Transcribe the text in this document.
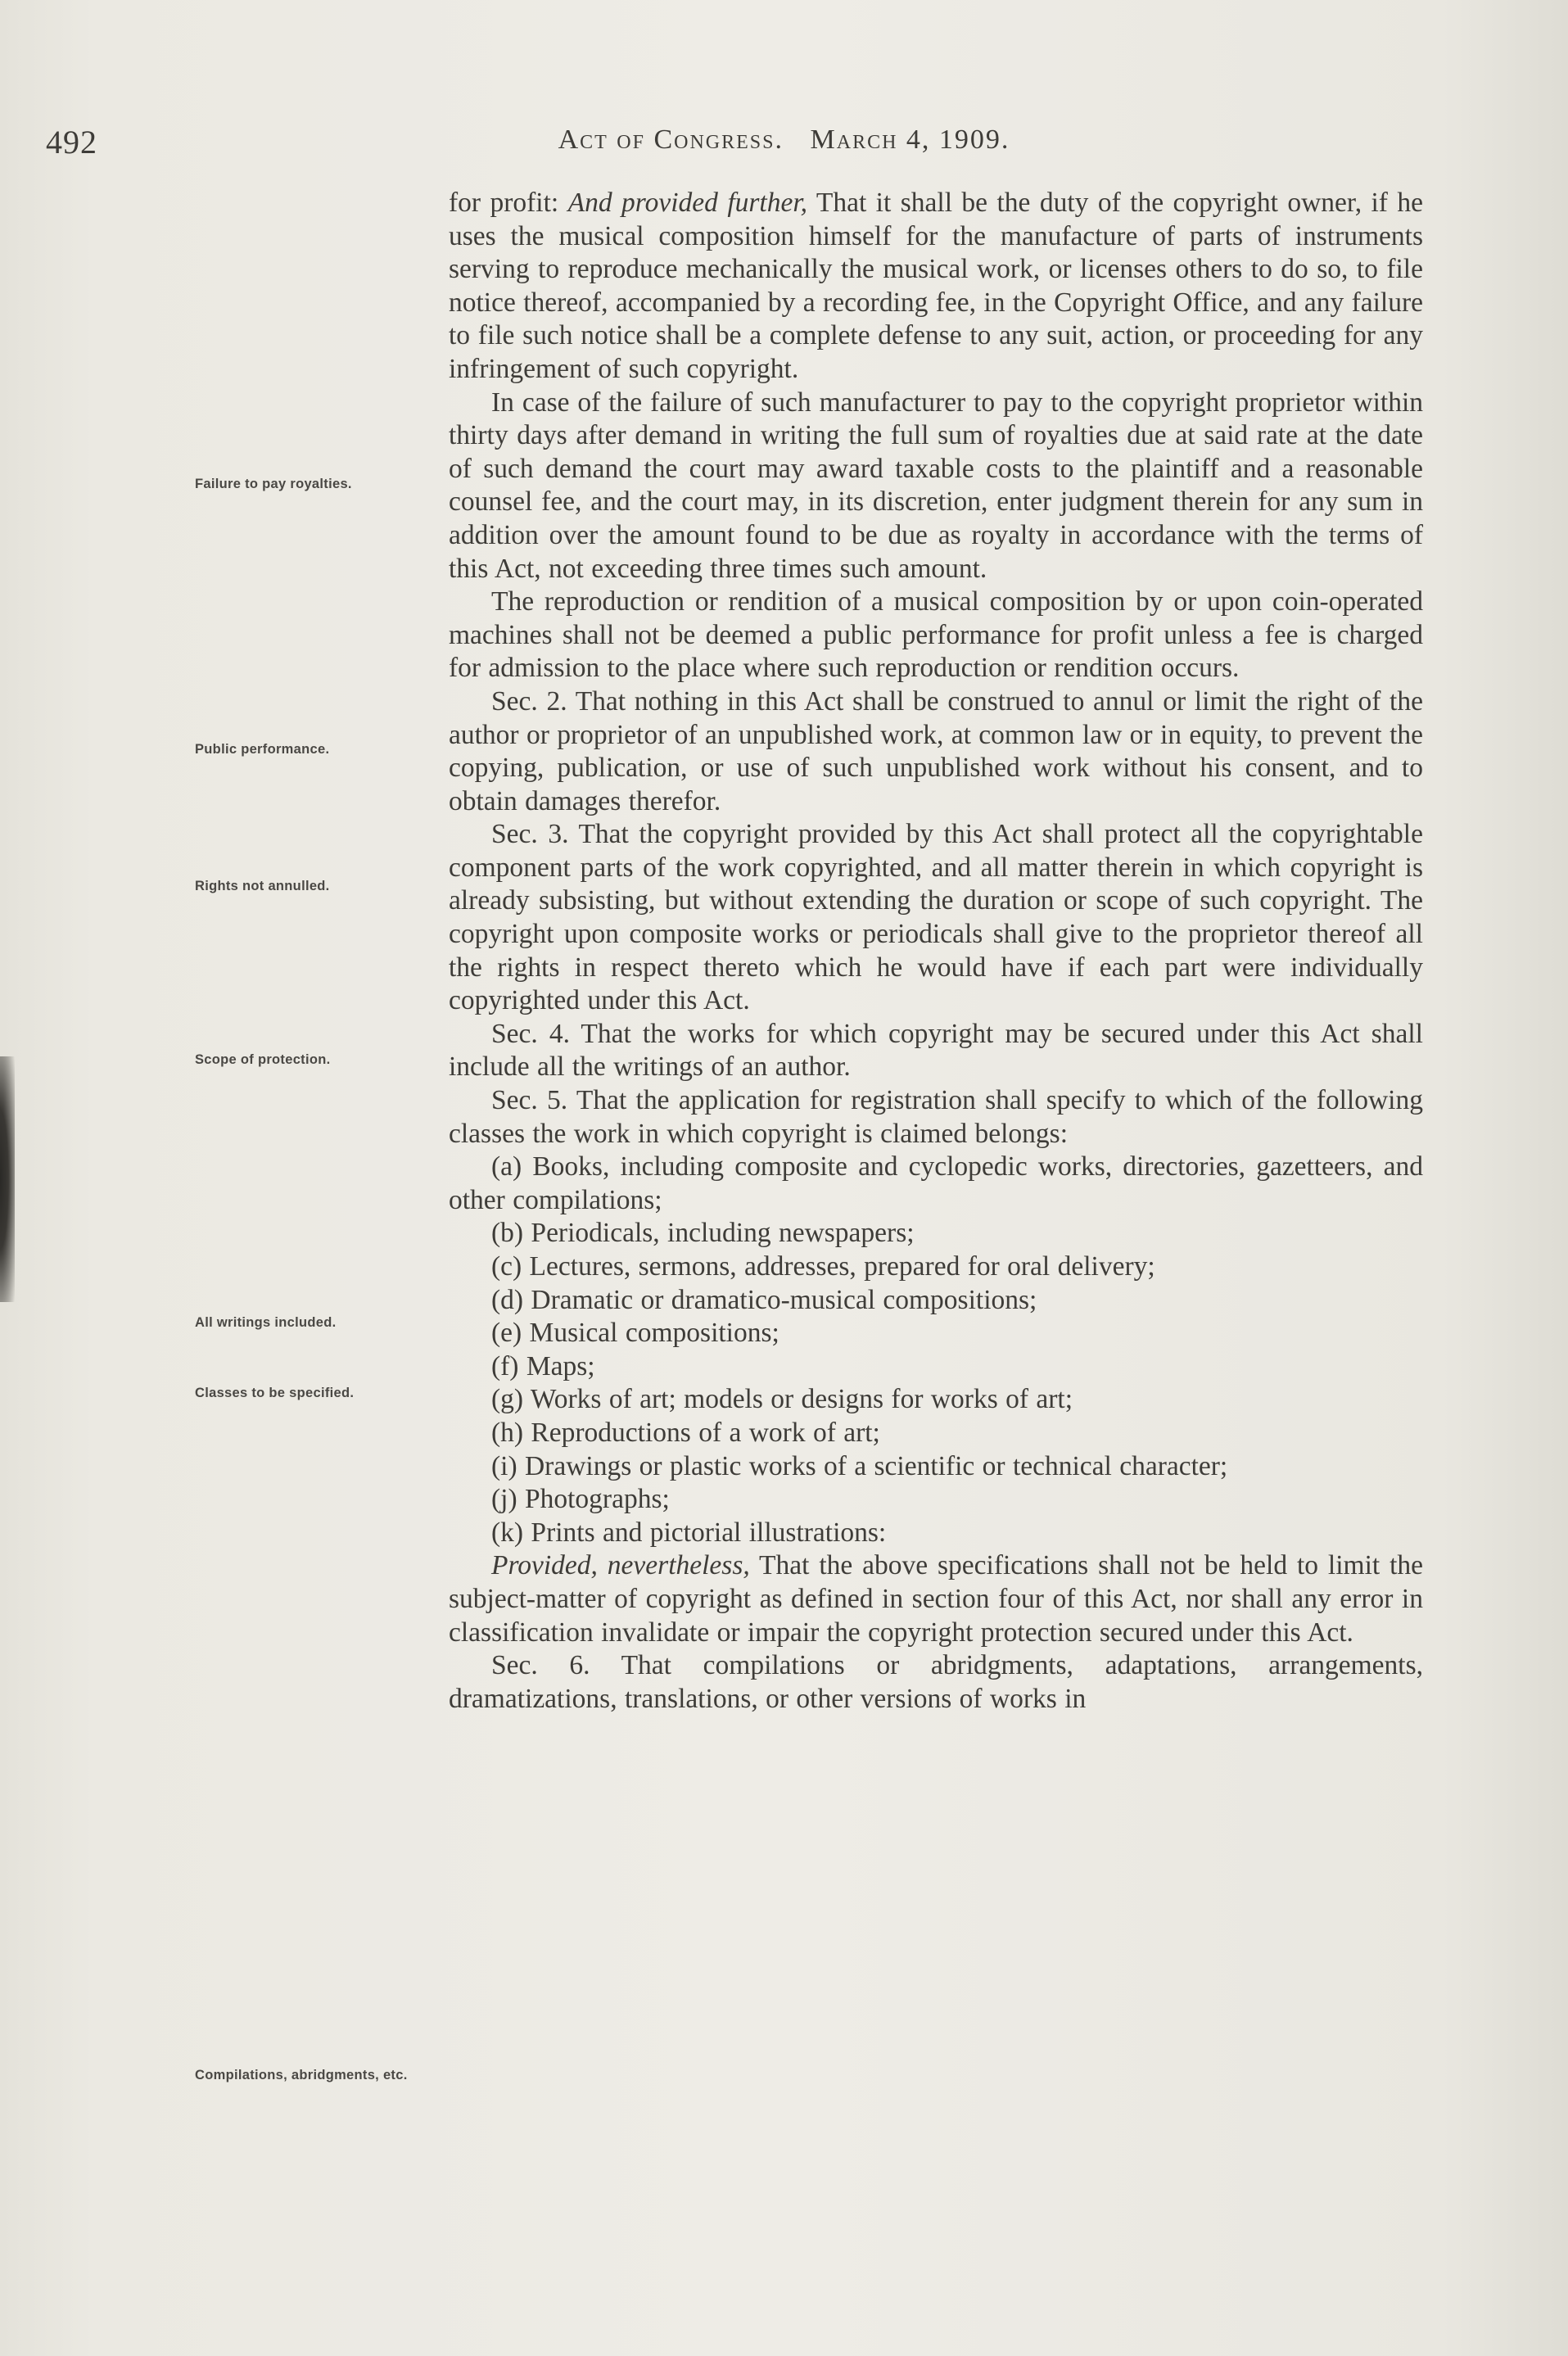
492	Act of Congress. March 4, 1909.
Failure to pay royalties.
Public performance.
Rights not annulled.
Scope of protection.
All writings included.
Classes to be specified.
Compilations, abridgments, etc.

for profit: And provided further, That it shall be the duty of the copyright owner, if he uses the musical composition himself for the manufacture of parts of instruments serving to reproduce mechanically the musical work, or licenses others to do so, to file notice thereof, accompanied by a recording fee, in the Copyright Office, and any failure to file such notice shall be a complete defense to any suit, action, or proceeding for any infringement of such copyright.

In case of the failure of such manufacturer to pay to the copyright proprietor within thirty days after demand in writing the full sum of royalties due at said rate at the date of such demand the court may award taxable costs to the plaintiff and a reasonable counsel fee, and the court may, in its discretion, enter judgment therein for any sum in addition over the amount found to be due as royalty in accordance with the terms of this Act, not exceeding three times such amount.

The reproduction or rendition of a musical composition by or upon coin-operated machines shall not be deemed a public performance for profit unless a fee is charged for admission to the place where such reproduction or rendition occurs.

Sec. 2. That nothing in this Act shall be construed to annul or limit the right of the author or proprietor of an unpublished work, at common law or in equity, to prevent the copying, publication, or use of such unpublished work without his consent, and to obtain damages therefor.

Sec. 3. That the copyright provided by this Act shall protect all the copyrightable component parts of the work copyrighted, and all matter therein in which copyright is already subsisting, but without extending the duration or scope of such copyright. The copyright upon composite works or periodicals shall give to the proprietor thereof all the rights in respect thereto which he would have if each part were individually copyrighted under this Act.

Sec. 4. That the works for which copyright may be secured under this Act shall include all the writings of an author.

Sec. 5. That the application for registration shall specify to which of the following classes the work in which copyright is claimed belongs:

(a) Books, including composite and cyclopedic works, directories, gazetteers, and other compilations;

(b) Periodicals, including newspapers;

(c) Lectures, sermons, addresses, prepared for oral delivery;

(d) Dramatic or dramatico-musical compositions;

(e) Musical compositions;

(f) Maps;

(g) Works of art; models or designs for works of art;

(h) Reproductions of a work of art;

(i) Drawings or plastic works of a scientific or technical character;

(j) Photographs;

(k) Prints and pictorial illustrations:

Provided, nevertheless, That the above specifications shall not be held to limit the subject-matter of copyright as defined in section four of this Act, nor shall any error in classification invalidate or impair the copyright protection secured under this Act.

Sec. 6. That compilations or abridgments, adaptations, arrangements, dramatizations, translations, or other versions of works in
